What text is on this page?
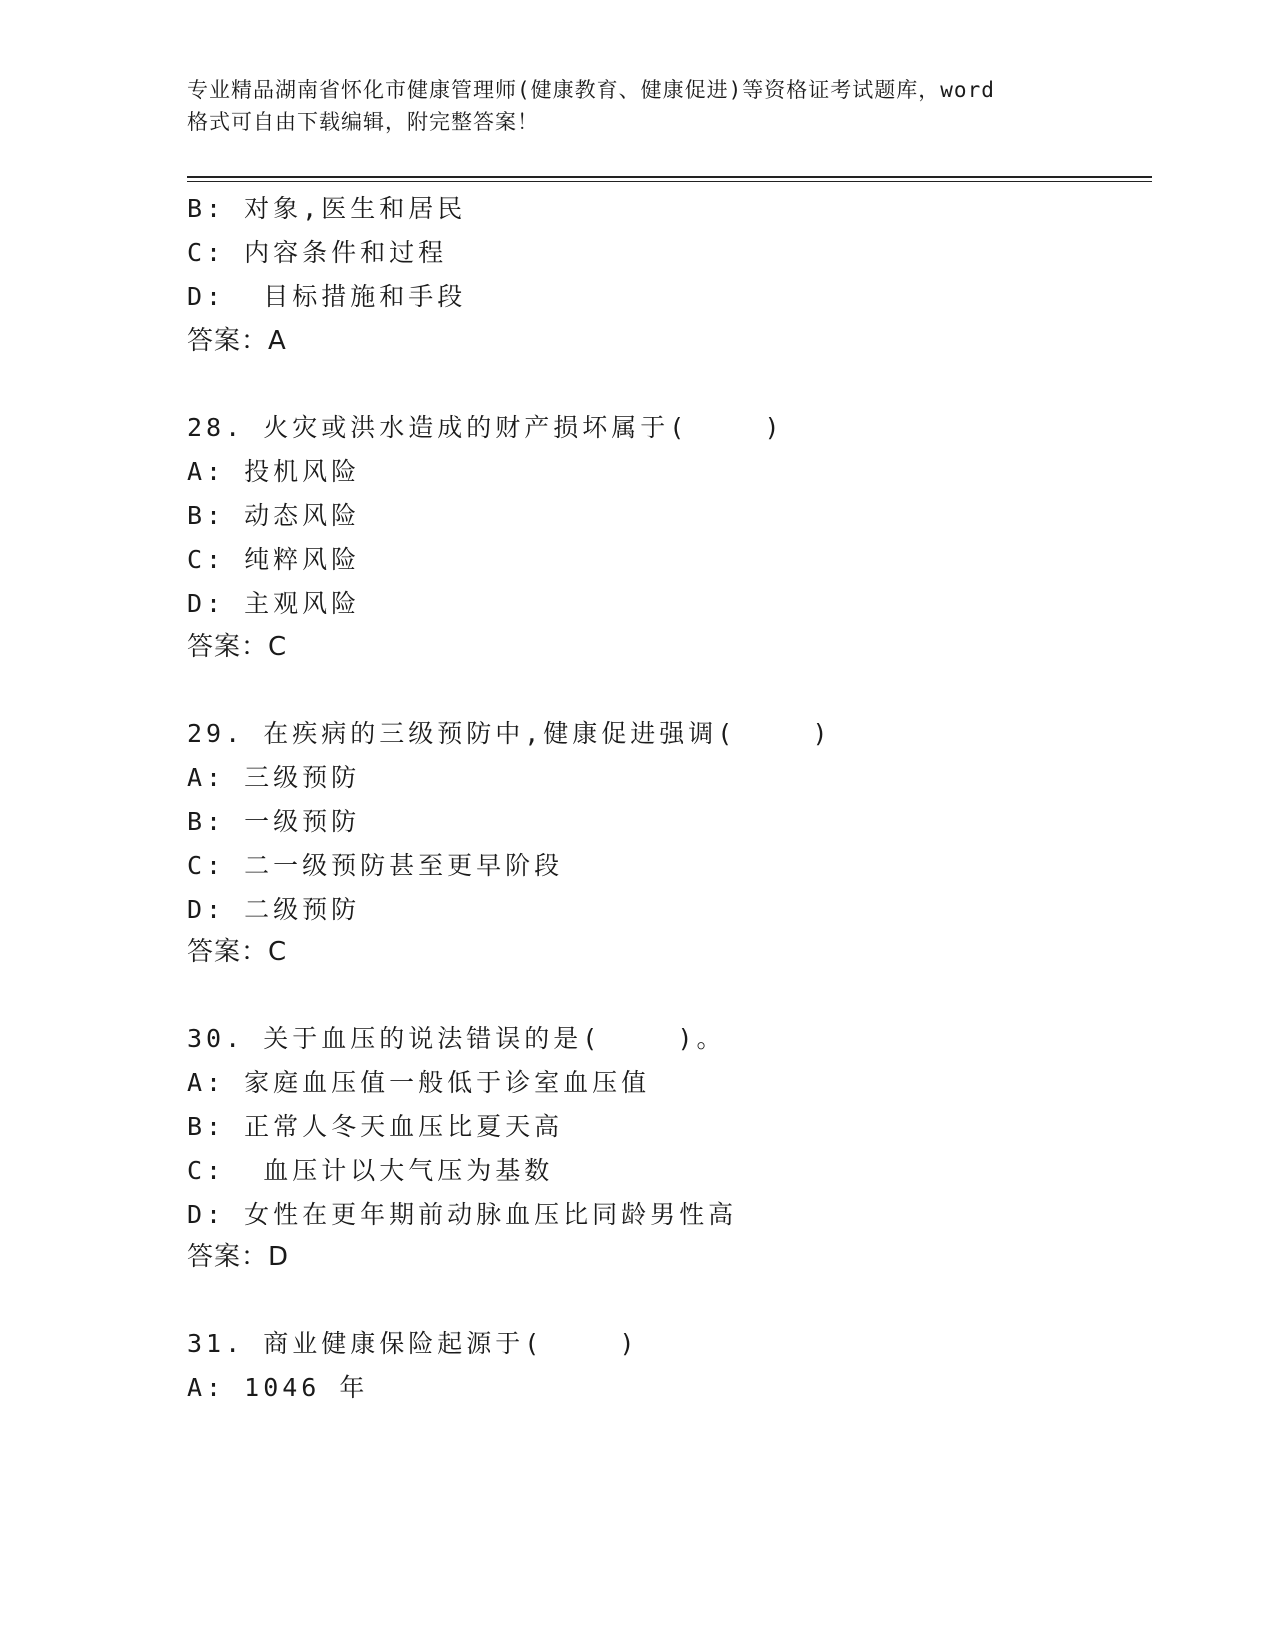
专业精品湖南省怀化市健康管理师(健康教育、健康促进)等资格证考试题库，word
格式可自由下载编辑，附完整答案！
B: 对象,医生和居民
C: 内容条件和过程
D:  目标措施和手段
答案：A
28. 火灾或洪水造成的财产损坏属于(    )
A: 投机风险
B: 动态风险
C: 纯粹风险
D: 主观风险
答案：C
29. 在疾病的三级预防中,健康促进强调(    )
A: 三级预防
B: 一级预防
C: 二一级预防甚至更早阶段
D: 二级预防
答案：C
30. 关于血压的说法错误的是(    )。
A: 家庭血压值一般低于诊室血压值
B: 正常人冬天血压比夏天高
C:  血压计以大气压为基数
D: 女性在更年期前动脉血压比同龄男性高
答案：D
31. 商业健康保险起源于(    )
A: 1046 年
